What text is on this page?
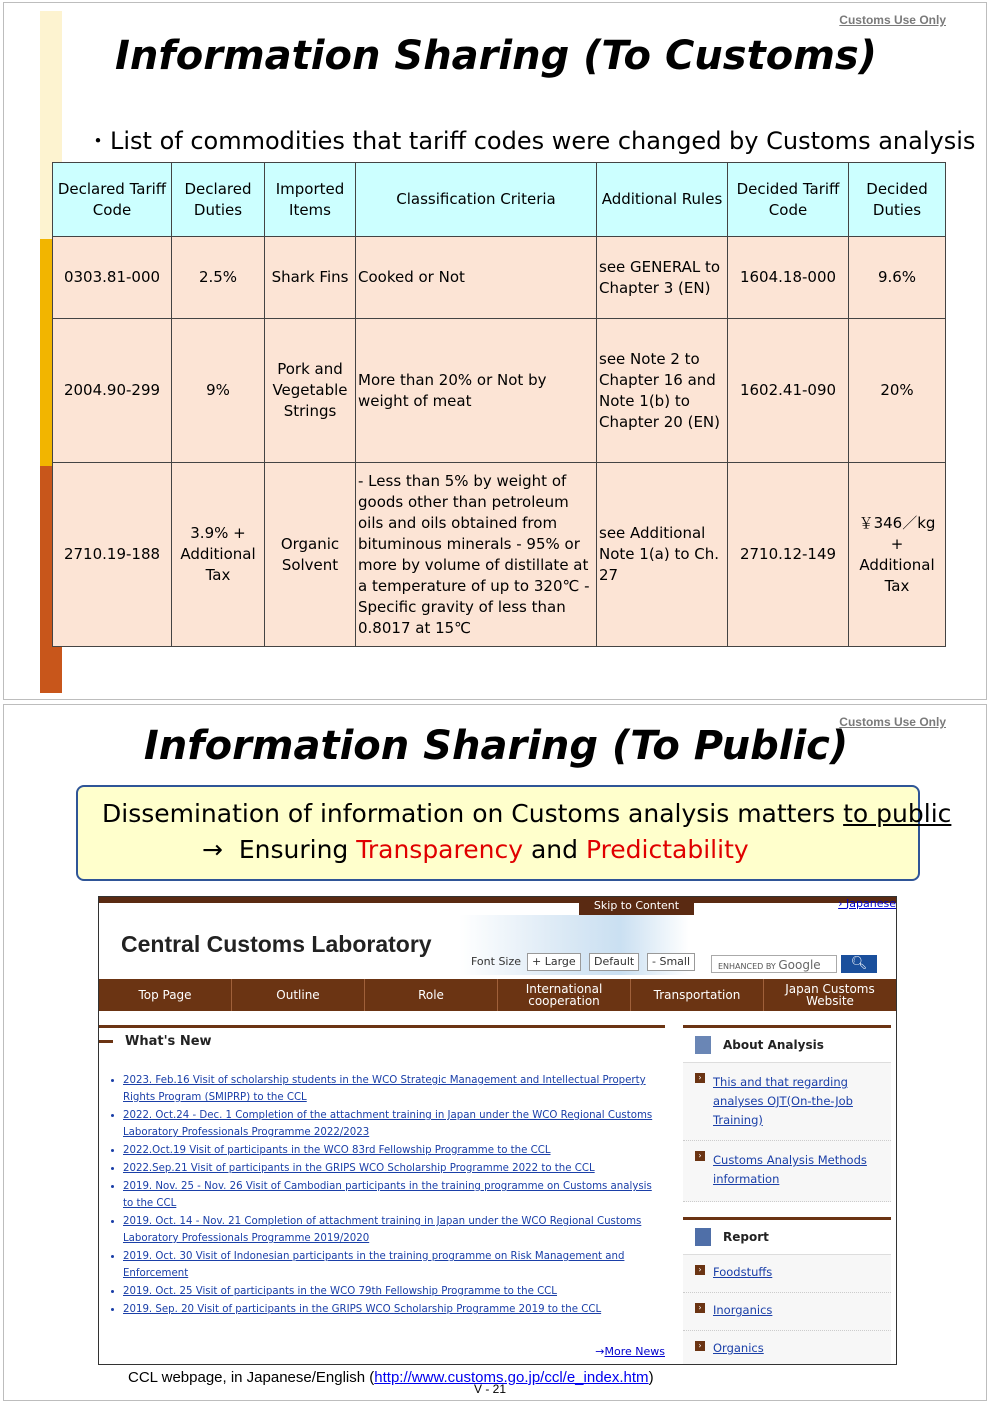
Customs Use Only
Information Sharing (To Customs)
・List of commodities that tariff codes were changed by Customs analysis
Declared Tariff Code	Declared Duties	Imported Items	Classification Criteria	Additional Rules	Decided Tariff Code	Decided Duties
0303.81-000	2.5%	Shark Fins	Cooked or Not	see GENERAL to Chapter 3 (EN)	1604.18-000	9.6%
2004.90-299	9%	Pork and Vegetable Strings	More than 20% or Not by weight of meat	see Note 2 to Chapter 16 and Note 1(b) to Chapter 20 (EN)	1602.41-090	20%
2710.19-188	3.9% + Additional Tax	Organic Solvent	- Less than 5% by weight of goods other than petroleum oils and oils obtained from bituminous minerals - 95% or more by volume of distillate at a temperature of up to 320℃ - Specific gravity of less than 0.8017 at 15℃	see Additional Note 1(a) to Ch. 27	2710.12-149	￥346／kg + Additional Tax
Customs Use Only
Information Sharing (To Public)
Dissemination of information on Customs analysis matters to public
→  Ensuring Transparency and Predictability
Skip to Content	› Japanese
Central Customs Laboratory
Font Size + Large	Default	- Small	ENHANCED BY Google	🔍︎
Top Page	Outline	Role	International cooperation	Transportation	Japan Customs Website
What's New
• 2023. Feb.16 Visit of scholarship students in the WCO Strategic Management and Intellectual Property Rights Program (SMIPRP) to the CCL
• 2022. Oct.24 - Dec. 1 Completion of the attachment training in Japan under the WCO Regional Customs Laboratory Professionals Programme 2022/2023
• 2022.Oct.19 Visit of participants in the WCO 83rd Fellowship Programme to the CCL
• 2022.Sep.21 Visit of participants in the GRIPS WCO Scholarship Programme 2022 to the CCL
• 2019. Nov. 25 - Nov. 26 Visit of Cambodian participants in the training programme on Customs analysis to the CCL
• 2019. Oct. 14 - Nov. 21 Completion of attachment training in Japan under the WCO Regional Customs Laboratory Professionals Programme 2019/2020
• 2019. Oct. 30 Visit of Indonesian participants in the training programme on Risk Management and Enforcement
• 2019. Oct. 25 Visit of participants in the WCO 79th Fellowship Programme to the CCL
• 2019. Sep. 20 Visit of participants in the GRIPS WCO Scholarship Programme 2019 to the CCL
→More News
About Analysis
› This and that regarding analyses OJT(On-the-Job Training)
› Customs Analysis Methods information
Report
› Foodstuffs
› Inorganics
› Organics
CCL webpage, in Japanese/English (http://www.customs.go.jp/ccl/e_index.htm)
V - 21
